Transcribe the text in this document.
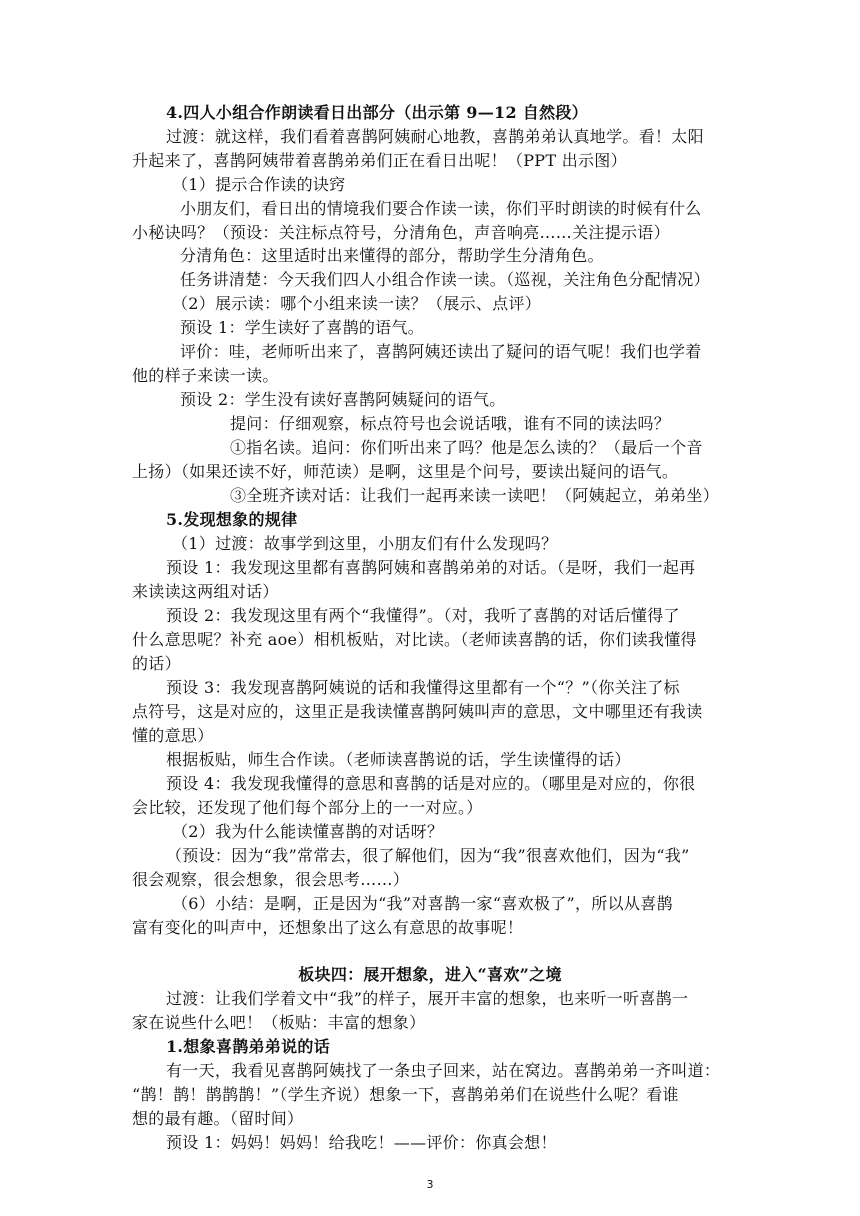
4.四人小组合作朗读看日出部分（出示第 9—12 自然段）
过渡：就这样，我们看着喜鹊阿姨耐心地教，喜鹊弟弟认真地学。看！太阳
升起来了，喜鹊阿姨带着喜鹊弟弟们正在看日出呢！（PPT 出示图）
（1）提示合作读的诀窍
小朋友们，看日出的情境我们要合作读一读，你们平时朗读的时候有什么
小秘诀吗？（预设：关注标点符号，分清角色，声音响亮……关注提示语）
分清角色：这里适时出来懂得的部分，帮助学生分清角色。
任务讲清楚：今天我们四人小组合作读一读。（巡视，关注角色分配情况）
（2）展示读：哪个小组来读一读？（展示、点评）
预设 1：学生读好了喜鹊的语气。
评价：哇，老师听出来了，喜鹊阿姨还读出了疑问的语气呢！我们也学着
他的样子来读一读。
预设 2：学生没有读好喜鹊阿姨疑问的语气。
提问：仔细观察，标点符号也会说话哦，谁有不同的读法吗？
①指名读。追问：你们听出来了吗？他是怎么读的？（最后一个音
上扬）（如果还读不好，师范读）是啊，这里是个问号，要读出疑问的语气。
③全班齐读对话：让我们一起再来读一读吧！（阿姨起立，弟弟坐）
5.发现想象的规律
（1）过渡：故事学到这里，小朋友们有什么发现吗？
预设 1：我发现这里都有喜鹊阿姨和喜鹊弟弟的对话。（是呀，我们一起再
来读读这两组对话）
预设 2：我发现这里有两个“我懂得”。（对，我听了喜鹊的对话后懂得了
什么意思呢？补充 aoe）相机板贴，对比读。（老师读喜鹊的话，你们读我懂得
的话）
预设 3：我发现喜鹊阿姨说的话和我懂得这里都有一个“？”（你关注了标
点符号，这是对应的，这里正是我读懂喜鹊阿姨叫声的意思，文中哪里还有我读
懂的意思）
根据板贴，师生合作读。（老师读喜鹊说的话，学生读懂得的话）
预设 4：我发现我懂得的意思和喜鹊的话是对应的。（哪里是对应的，你很
会比较，还发现了他们每个部分上的一一对应。）
（2）我为什么能读懂喜鹊的对话呀？
（预设：因为“我”常常去，很了解他们，因为“我”很喜欢他们，因为“我”
很会观察，很会想象，很会思考……）
（6）小结：是啊，正是因为“我”对喜鹊一家“喜欢极了”，所以从喜鹊
富有变化的叫声中，还想象出了这么有意思的故事呢！
板块四：展开想象，进入“喜欢”之境
过渡：让我们学着文中“我”的样子，展开丰富的想象，也来听一听喜鹊一
家在说些什么吧！（板贴：丰富的想象）
1.想象喜鹊弟弟说的话
有一天，我看见喜鹊阿姨找了一条虫子回来，站在窝边。喜鹊弟弟一齐叫道：
“鹊！鹊！鹊鹊鹊！”（学生齐说）想象一下，喜鹊弟弟们在说些什么呢？看谁
想的最有趣。（留时间）
预设 1：妈妈！妈妈！给我吃！——评价：你真会想！
3
